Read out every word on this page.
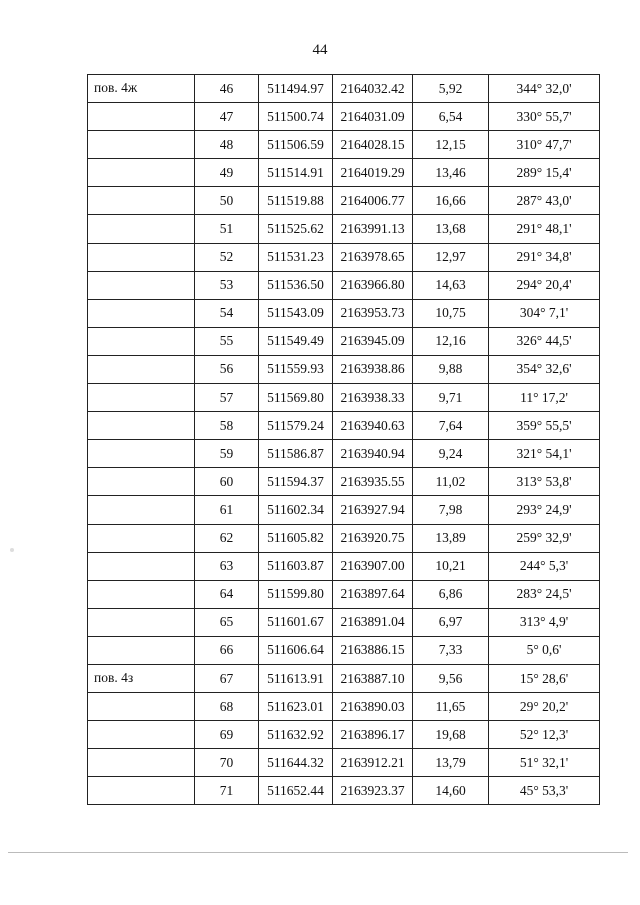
44
пов. 4ж	46	511494.97	2164032.42	5,92	344° 32,0'
	47	511500.74	2164031.09	6,54	330° 55,7'
	48	511506.59	2164028.15	12,15	310° 47,7'
	49	511514.91	2164019.29	13,46	289° 15,4'
	50	511519.88	2164006.77	16,66	287° 43,0'
	51	511525.62	2163991.13	13,68	291° 48,1'
	52	511531.23	2163978.65	12,97	291° 34,8'
	53	511536.50	2163966.80	14,63	294° 20,4'
	54	511543.09	2163953.73	10,75	304° 7,1'
	55	511549.49	2163945.09	12,16	326° 44,5'
	56	511559.93	2163938.86	9,88	354° 32,6'
	57	511569.80	2163938.33	9,71	11° 17,2'
	58	511579.24	2163940.63	7,64	359° 55,5'
	59	511586.87	2163940.94	9,24	321° 54,1'
	60	511594.37	2163935.55	11,02	313° 53,8'
	61	511602.34	2163927.94	7,98	293° 24,9'
	62	511605.82	2163920.75	13,89	259° 32,9'
	63	511603.87	2163907.00	10,21	244° 5,3'
	64	511599.80	2163897.64	6,86	283° 24,5'
	65	511601.67	2163891.04	6,97	313° 4,9'
	66	511606.64	2163886.15	7,33	5° 0,6'
пов. 4з	67	511613.91	2163887.10	9,56	15° 28,6'
	68	511623.01	2163890.03	11,65	29° 20,2'
	69	511632.92	2163896.17	19,68	52° 12,3'
	70	511644.32	2163912.21	13,79	51° 32,1'
	71	511652.44	2163923.37	14,60	45° 53,3'
